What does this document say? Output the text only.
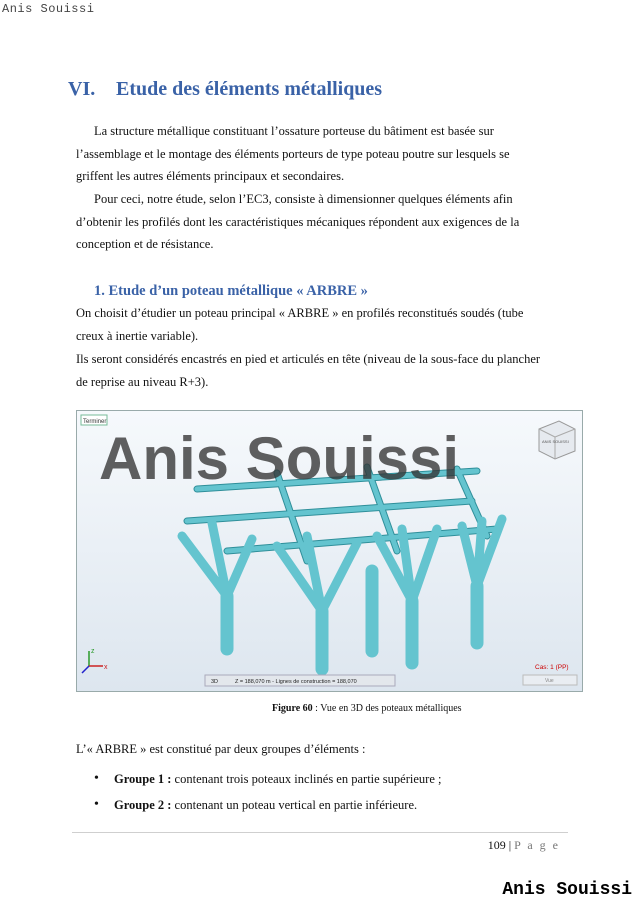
Anis Souissi
VI. Etude des éléments métalliques

La structure métallique constituant l’ossature porteuse du bâtiment est basée sur l’assemblage et le montage des éléments porteurs de type poteau poutre sur lesquels se griffent les autres éléments principaux et secondaires.

Pour ceci, notre étude, selon l’EC3, consiste à dimensionner quelques éléments afin d’obtenir les profilés dont les caractéristiques mécaniques répondent aux exigences de la conception et de résistance.

1. Etude d’un poteau métallique « ARBRE »

On choisit d’étudier un poteau principal « ARBRE » en profilés reconstitués soudés (tube creux à inertie variable).

Ils seront considérés encastrés en pied et articulés en tête (niveau de la sous-face du plancher de reprise au niveau R+3).

Anis Souissi
Terminer
ANIS SOUISSI
z
x	Cas: 1 (PP)
Vue
3D	Z = 188,070 m - Lignes de construction = 188,070
Figure 60 : Vue en 3D des poteaux métalliques

L’« ARBRE » est constitué par deux groupes d’éléments :

• Groupe 1 : contenant trois poteaux inclinés en partie supérieure ;
• Groupe 2 : contenant un poteau vertical en partie inférieure.
109 | P a g e
Anis Souissi
